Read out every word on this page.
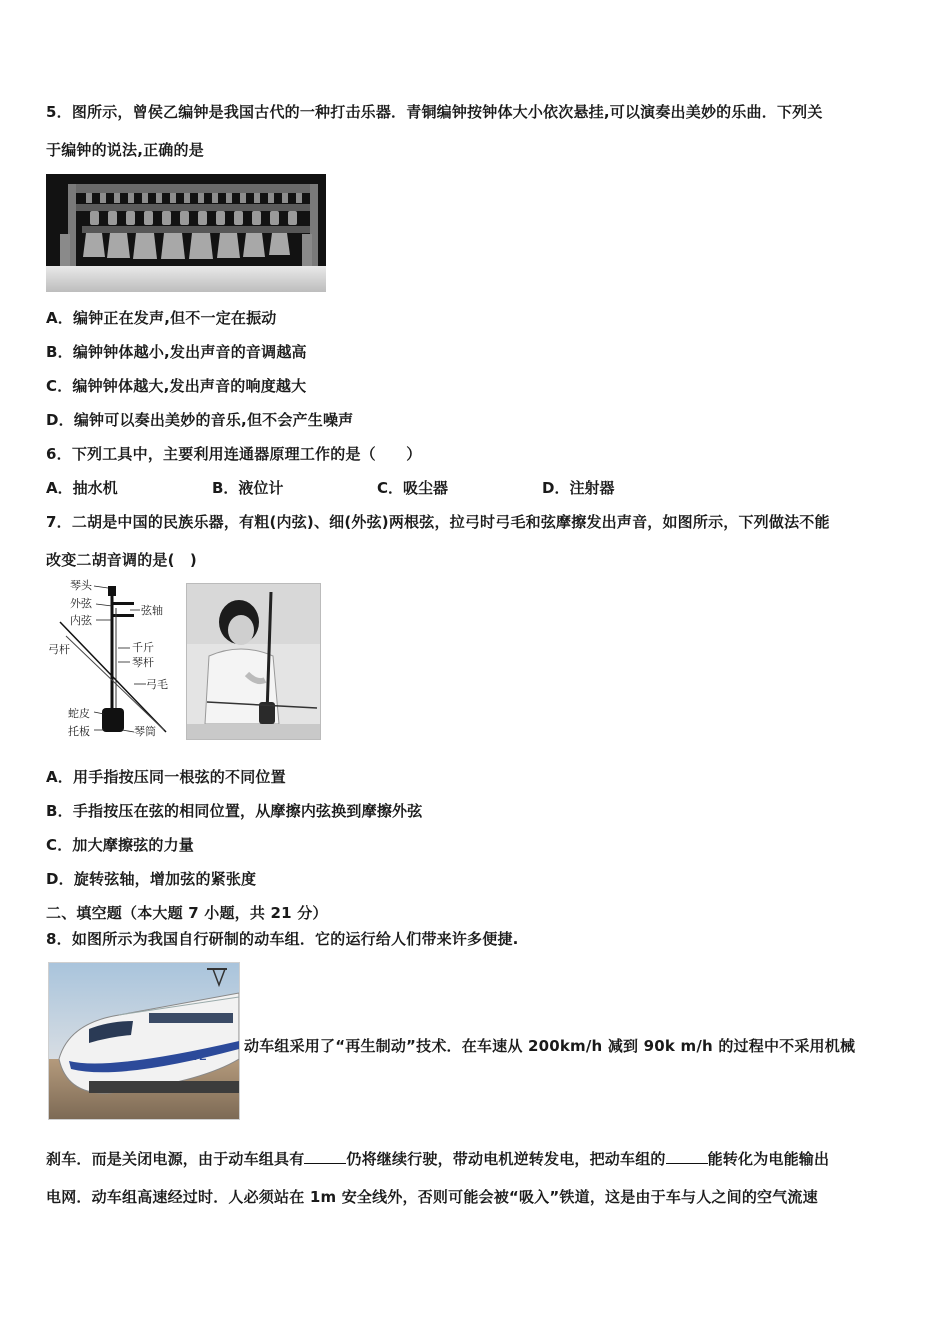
5．图所示，曾侯乙编钟是我国古代的一种打击乐器．青铜编钟按钟体大小依次悬挂,可以演奏出美妙的乐曲．下列关
于编钟的说法,正确的是
A．编钟正在发声,但不一定在振动
B．编钟钟体越小,发出声音的音调越高
C．编钟钟体越大,发出声音的响度越大
D．编钟可以奏出美妙的音乐,但不会产生噪声
6．下列工具中，主要利用连通器原理工作的是（　　）
A．抽水机	B．液位计	C．吸尘器	D．注射器
7．二胡是中国的民族乐器，有粗(内弦)、细(外弦)两根弦，拉弓时弓毛和弦摩擦发出声音，如图所示，下列做法不能
改变二胡音调的是(　)
琴头
外弦
内弦
弦轴
弓杆	千斤
琴杆
弓毛
蛇皮
托板	琴筒
A．用手指按压同一根弦的不同位置
B．手指按压在弦的相同位置，从摩擦内弦换到摩擦外弦
C．加大摩擦弦的力量
D．旋转弦轴，增加弦的紧张度
二、填空题（本大题 7 小题，共 21 分）
8．如图所示为我国自行研制的动车组．它的运行给人们带来许多便捷.
AVE
动车组采用了“再生制动”技术．在车速从 200km/h 减到 90k m/h 的过程中不采用机械
刹车．而是关闭电源，由于动车组具有	仍将继续行驶，带动电机逆转发电，把动车组的	能转化为电能输出
电网．动车组高速经过时．人必须站在 1m 安全线外，否则可能会被“吸入”铁道，这是由于车与人之间的空气流速
